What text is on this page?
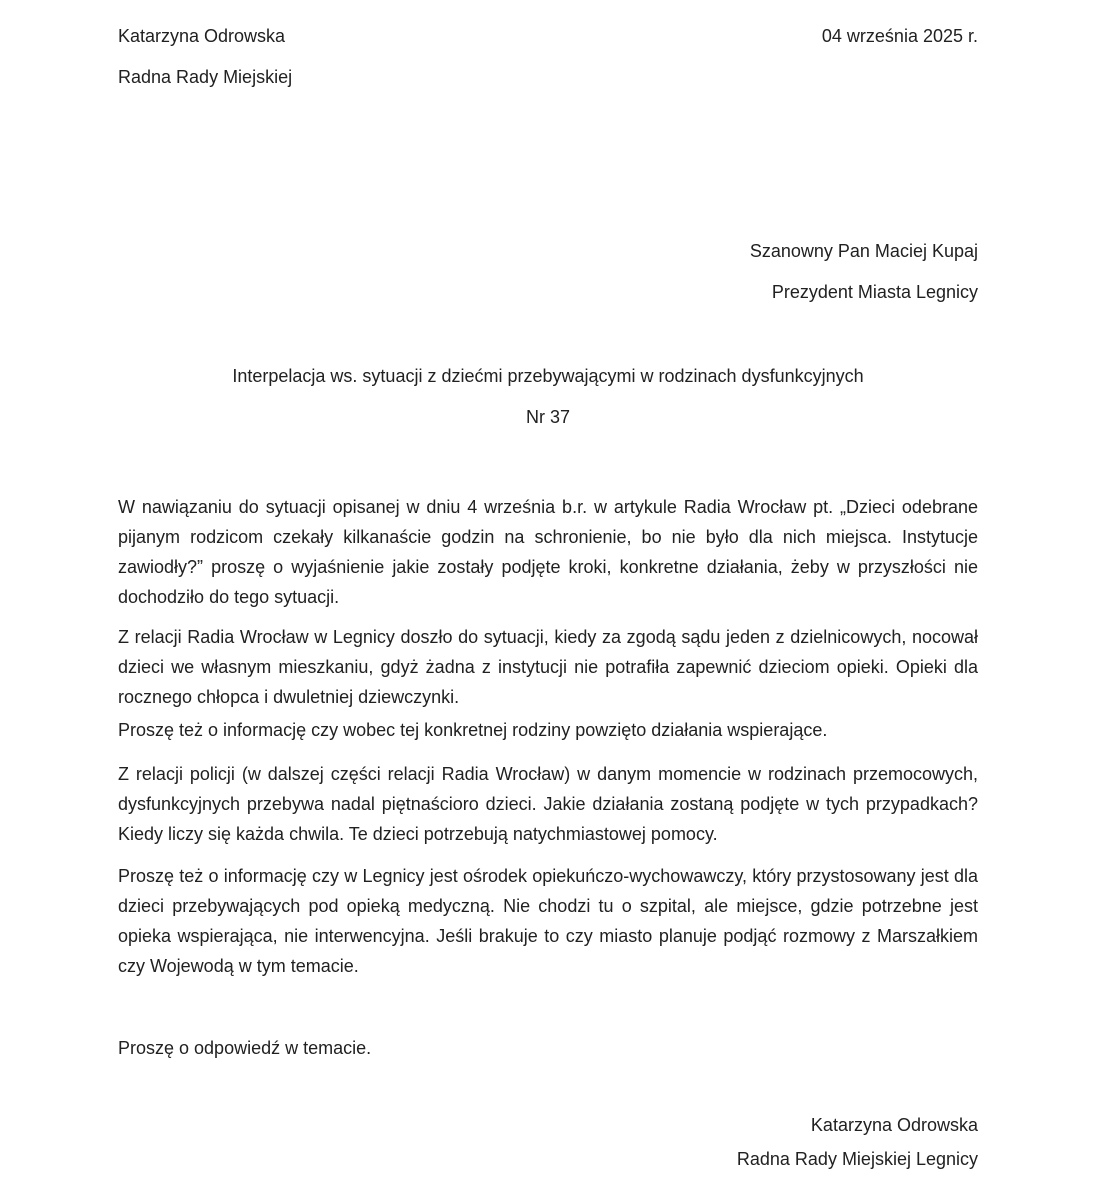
Katarzyna Odrowska	04 września 2025 r.
Radna Rady Miejskiej
Szanowny Pan Maciej Kupaj
Prezydent Miasta Legnicy
Interpelacja ws. sytuacji z dziećmi przebywającymi w rodzinach dysfunkcyjnych
Nr 37

W nawiązaniu do sytuacji opisanej w dniu 4 września b.r. w artykule Radia Wrocław pt. „Dzieci odebrane pijanym rodzicom czekały kilkanaście godzin na schronienie, bo nie było dla nich miejsca. Instytucje zawiodły?” proszę o wyjaśnienie jakie zostały podjęte kroki, konkretne działania, żeby w przyszłości nie dochodziło do tego sytuacji.

Z relacji Radia Wrocław w Legnicy doszło do sytuacji, kiedy za zgodą sądu jeden z dzielnicowych, nocował dzieci we własnym mieszkaniu, gdyż żadna z instytucji nie potrafiła zapewnić dzieciom opieki. Opieki dla rocznego chłopca i dwuletniej dziewczynki.

Proszę też o informację czy wobec tej konkretnej rodziny powzięto działania wspierające.

Z relacji policji (w dalszej części relacji Radia Wrocław) w danym momencie w rodzinach przemocowych, dysfunkcyjnych przebywa nadal piętnaścioro dzieci. Jakie działania zostaną podjęte w tych przypadkach? Kiedy liczy się każda chwila. Te dzieci potrzebują natychmiastowej pomocy.

Proszę też o informację czy w Legnicy jest ośrodek opiekuńczo-wychowawczy, który przystosowany jest dla dzieci przebywających pod opieką medyczną. Nie chodzi tu o szpital, ale miejsce, gdzie potrzebne jest opieka wspierająca, nie interwencyjna. Jeśli brakuje to czy miasto planuje podjąć rozmowy z Marszałkiem czy Wojewodą w tym temacie.

Proszę o odpowiedź w temacie.
Katarzyna Odrowska
Radna Rady Miejskiej Legnicy
